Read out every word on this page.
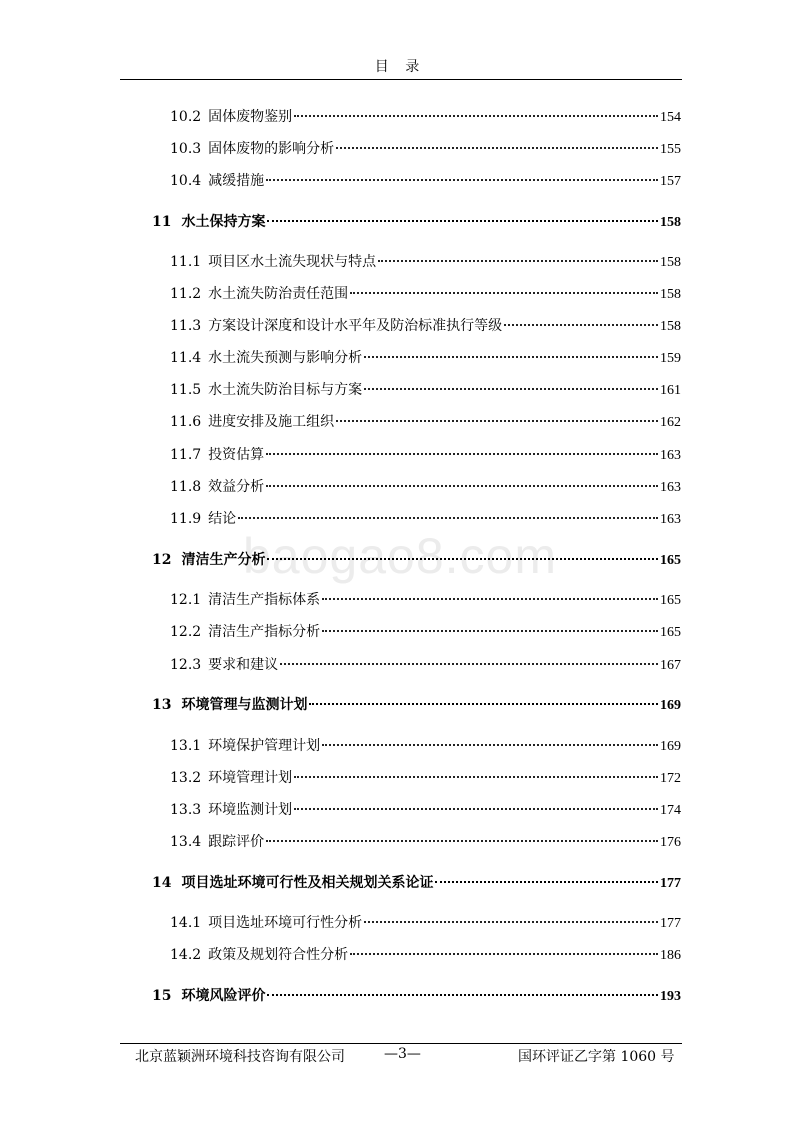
目 录
baogao8.com
10.2 固体废物鉴别	154
10.3 固体废物的影响分析	155
10.4 减缓措施	157
11 水土保持方案	158
11.1 项目区水土流失现状与特点	158
11.2 水土流失防治责任范围	158
11.3 方案设计深度和设计水平年及防治标准执行等级	158
11.4 水土流失预测与影响分析	159
11.5 水土流失防治目标与方案	161
11.6 进度安排及施工组织	162
11.7 投资估算	163
11.8 效益分析	163
11.9 结论	163
12 清洁生产分析	165
12.1 清洁生产指标体系	165
12.2 清洁生产指标分析	165
12.3 要求和建议	167
13 环境管理与监测计划	169
13.1 环境保护管理计划	169
13.2 环境管理计划	172
13.3 环境监测计划	174
13.4 跟踪评价	176
14 项目选址环境可行性及相关规划关系论证	177
14.1 项目选址环境可行性分析	177
14.2 政策及规划符合性分析	186
15 环境风险评价	193
北京蓝颖洲环境科技咨询有限公司	—3—	国环评证乙字第 1060 号
